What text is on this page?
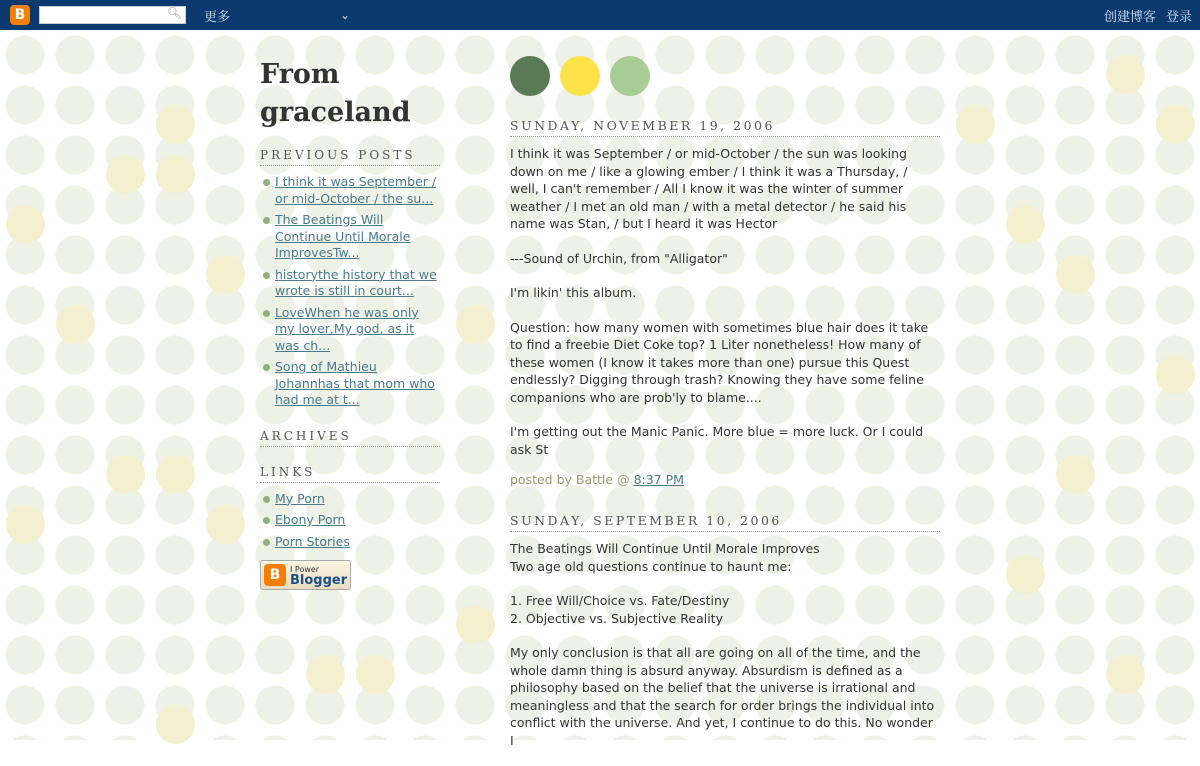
B	🔍︎ 更多	⌄	创建博客 登录
From graceland
PREVIOUS POSTS
I think it was September / or mid-October / the su...
The Beatings Will Continue Until Morale ImprovesTw...
historythe history that we wrote is still in court...
LoveWhen he was only my lover,My god, as it was ch...
Song of Mathieu Johannhas that mom who had me at t...
ARCHIVES
LINKS
My Porn
Ebony Porn
Porn Stories
B	I Power
Blogger
SUNDAY, NOVEMBER 19, 2006

I think it was September / or mid-October / the sun was looking down on me / like a glowing ember / I think it was a Thursday, / well, I can't remember / All I know it was the winter of summer weather / I met an old man / with a metal detector / he said his name was Stan, / but I heard it was Hector

---Sound of Urchin, from "Alligator"

I'm likin' this album.

Question: how many women with sometimes blue hair does it take to find a freebie Diet Coke top? 1 Liter nonetheless! How many of these women (I know it takes more than one) pursue this Quest endlessly? Digging through trash? Knowing they have some feline companions who are prob'ly to blame....

I'm getting out the Manic Panic. More blue = more luck. Or I could ask St

posted by Battle @ 8:37 PM
SUNDAY, SEPTEMBER 10, 2006

The Beatings Will Continue Until Morale Improves
Two age old questions continue to haunt me:

1. Free Will/Choice vs. Fate/Destiny
2. Objective vs. Subjective Reality

My only conclusion is that all are going on all of the time, and the whole damn thing is absurd anyway. Absurdism is defined as a philosophy based on the belief that the universe is irrational and meaningless and that the search for order brings the individual into conflict with the universe. And yet, I continue to do this. No wonder I
